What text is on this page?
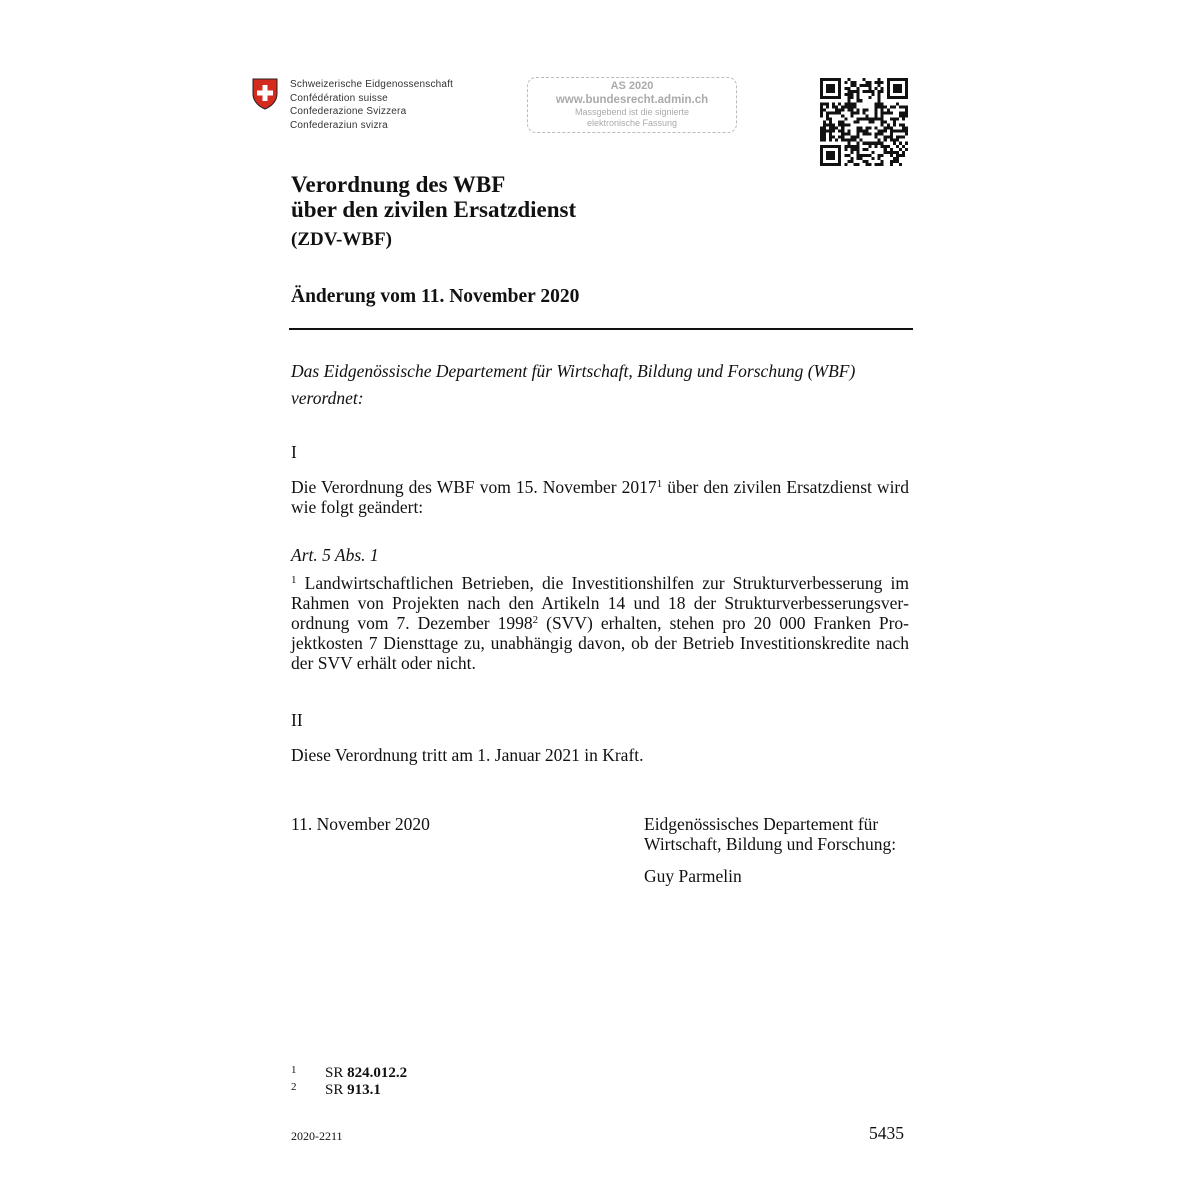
Schweizerische Eidgenossenschaft
Confédération suisse
Confederazione Svizzera
Confederaziun svizra
AS 2020
www.bundesrecht.admin.ch
Massgebend ist die signierte
elektronische Fassung
Verordnung des WBF
über den zivilen Ersatzdienst
(ZDV-WBF)
Änderung vom 11. November 2020
Das Eidgenössische Departement für Wirtschaft, Bildung und Forschung (WBF)
verordnet:
I
Die Verordnung des WBF vom 15. November 2017$^1$ über den zivilen Ersatzdienst wird wie folgt geändert:
Art. 5 Abs. 1
$^1$ Landwirtschaftlichen Betrieben, die Investitionshilfen zur Strukturverbesserung im Rahmen von Projekten nach den Artikeln 14 und 18 der Strukturverbesserungsverordnung vom 7. Dezember 1998$^2$ (SVV) erhalten, stehen pro 20 000 Franken Projektkosten 7 Diensttage zu, unabhängig davon, ob der Betrieb Investitionskredite nach der SVV erhält oder nicht.
II
Diese Verordnung tritt am 1. Januar 2021 in Kraft.
11. November 2020	Eidgenössisches Departement für
Wirtschaft, Bildung und Forschung:
Guy Parmelin
1 SR 824.012.2
2 SR 913.1
2020-2211	5435
